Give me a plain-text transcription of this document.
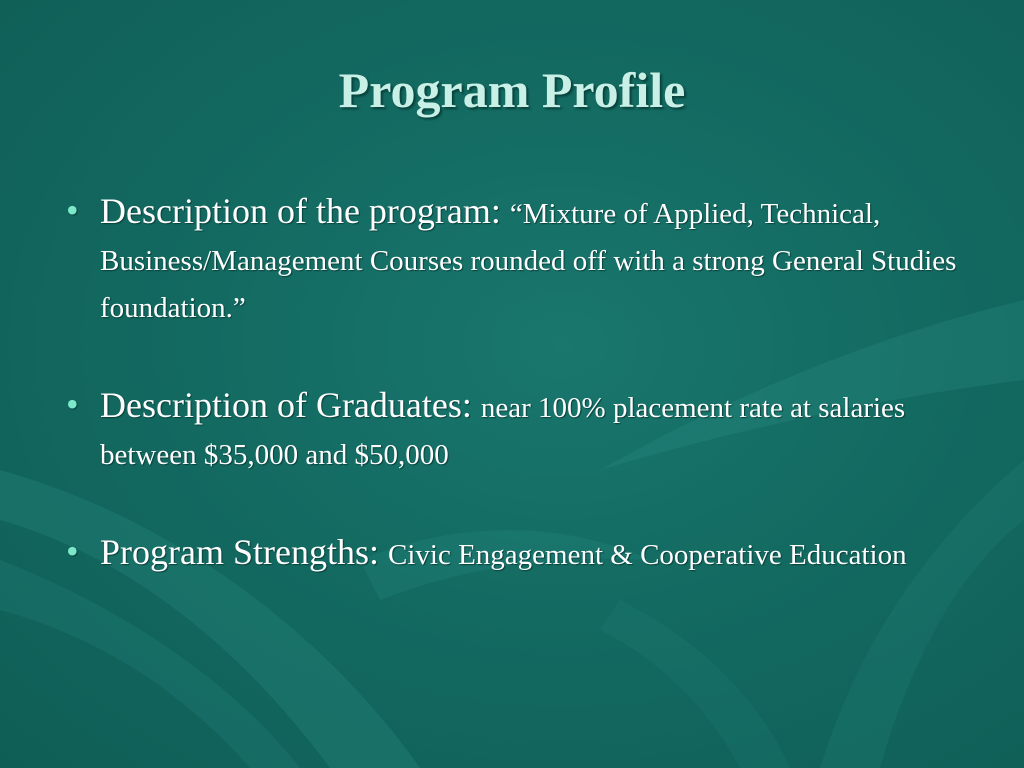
Program Profile
• Description of the program: “Mixture of Applied, Technical, Business/Management Courses rounded off with a strong General Studies foundation.”
• Description of Graduates: near 100% placement rate at salaries between $35,000 and $50,000
• Program Strengths: Civic Engagement & Cooperative Education
